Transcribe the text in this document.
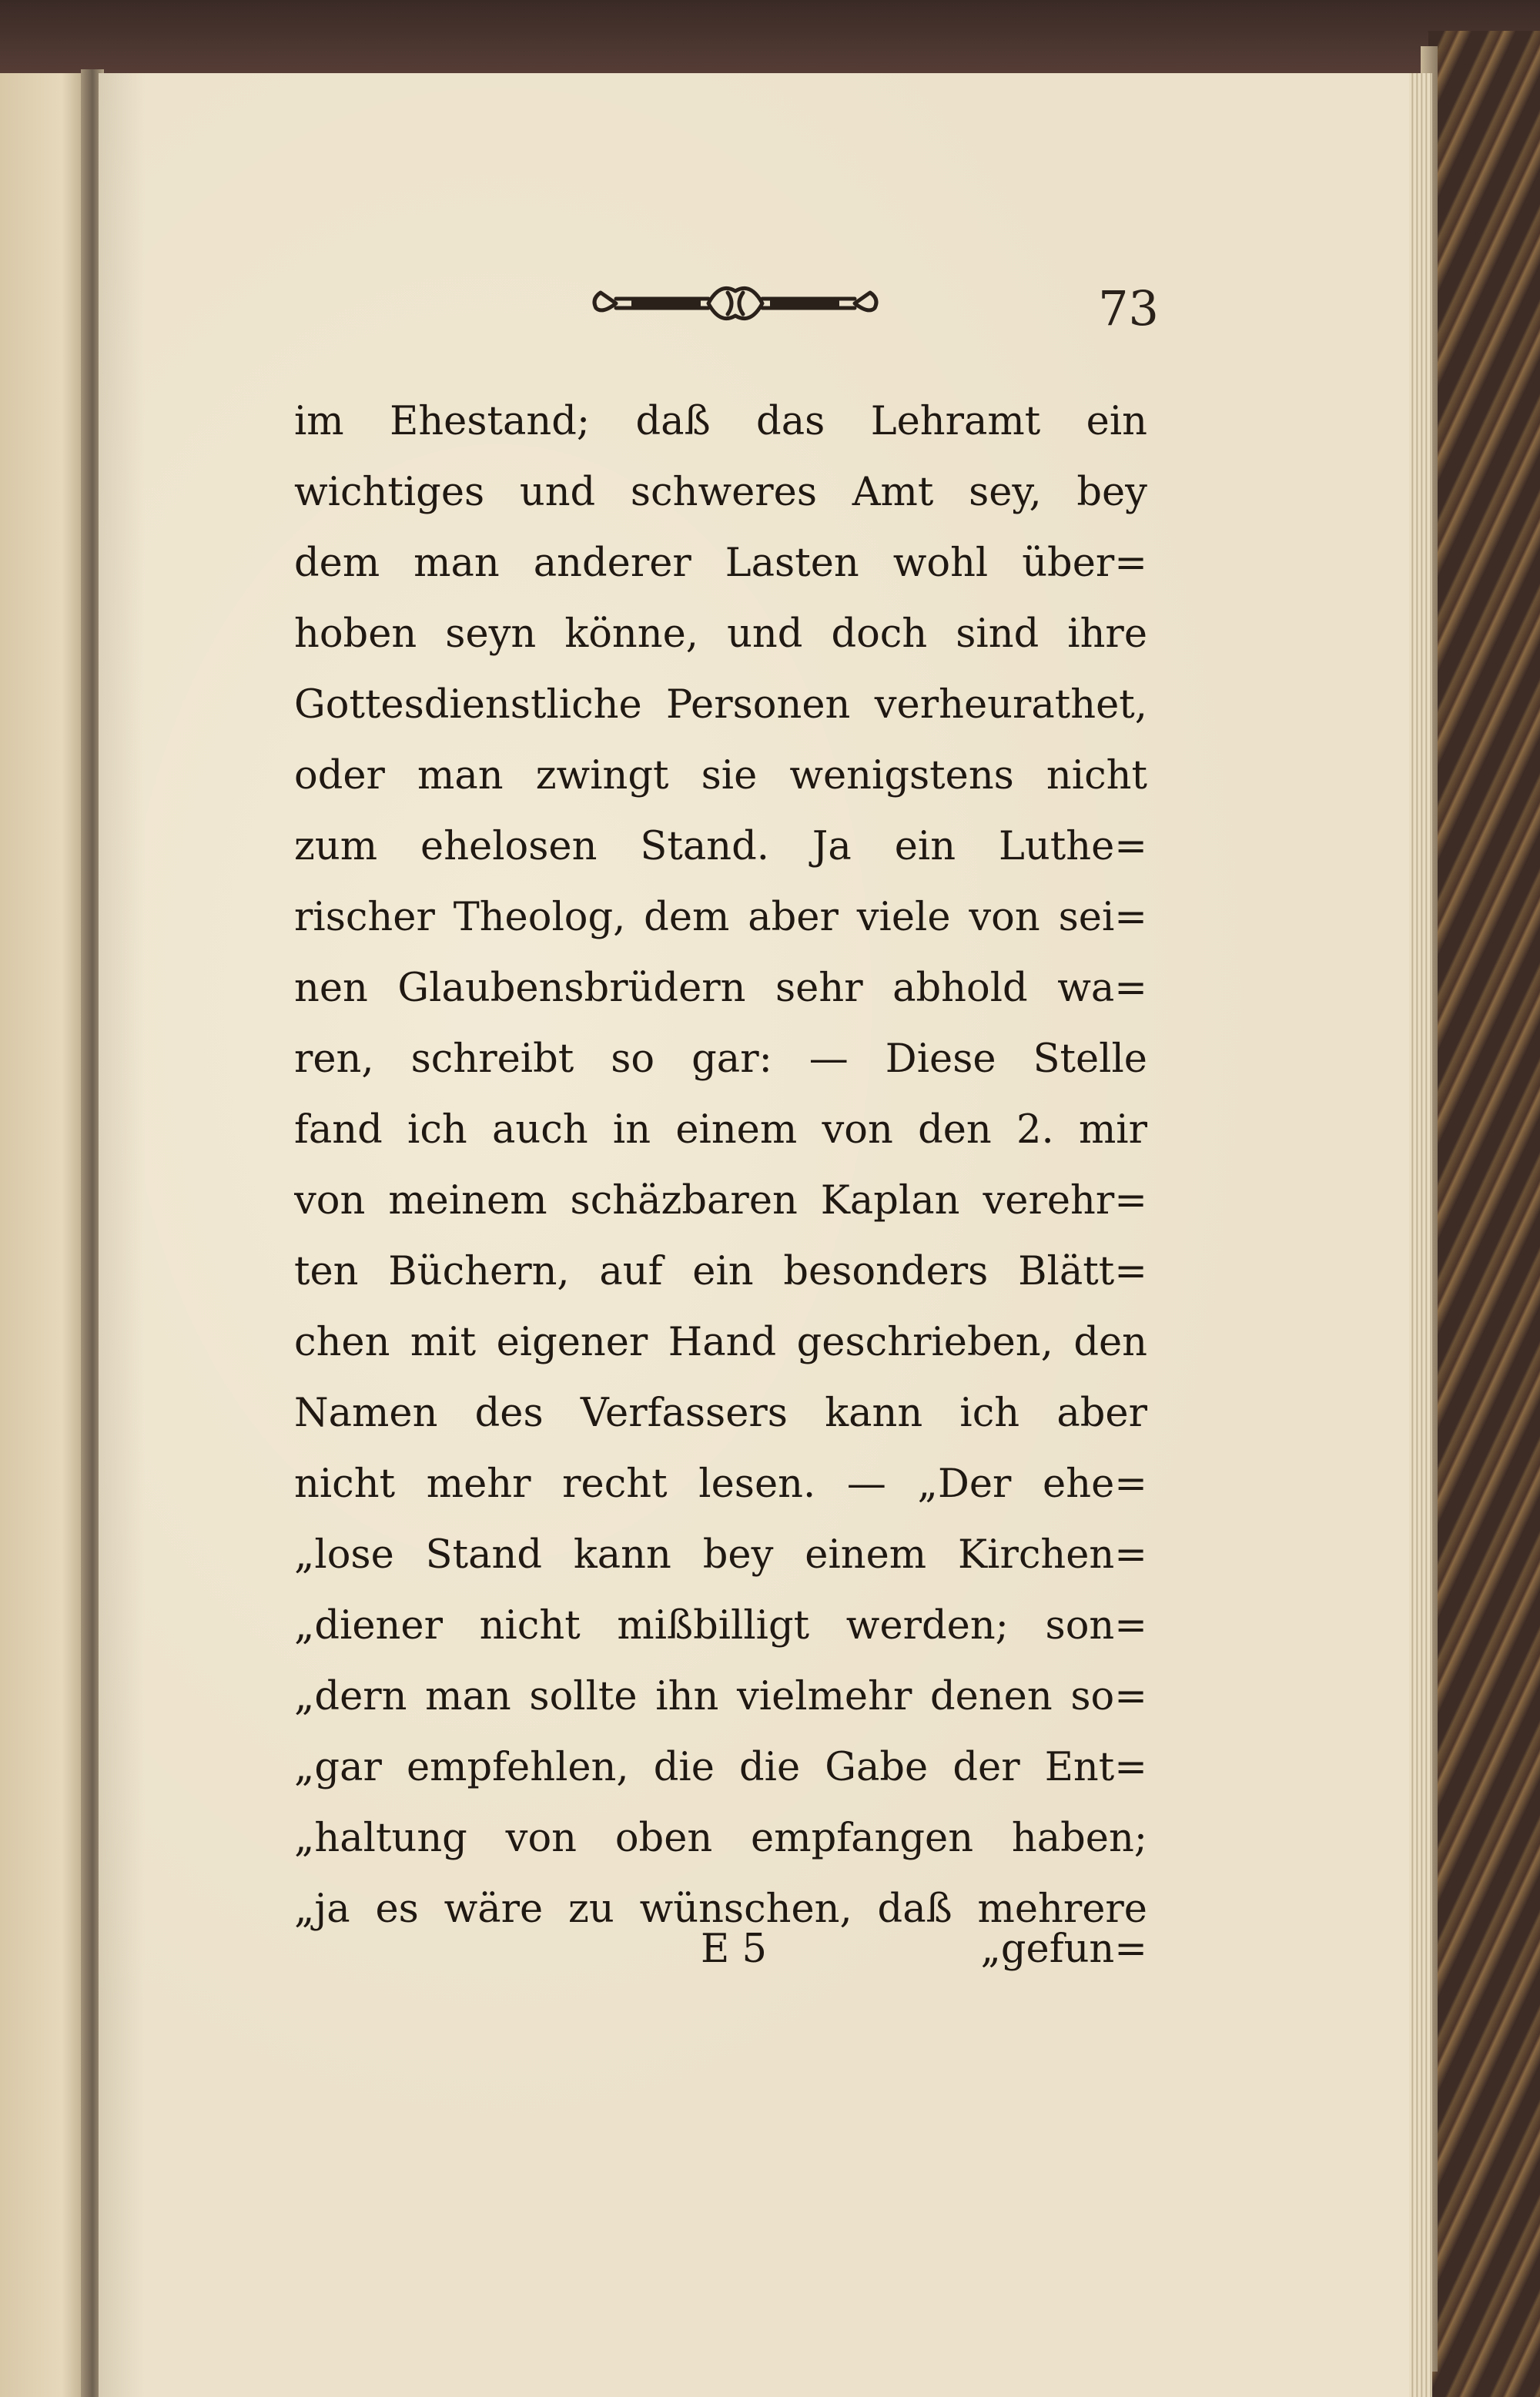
73
im Ehestand; daß das Lehramt ein
wichtiges und schweres Amt sey, bey
dem man anderer Lasten wohl über=
hoben seyn könne, und doch sind ihre
Gottesdienstliche Personen verheurathet,
oder man zwingt sie wenigstens nicht
zum ehelosen Stand. Ja ein Luthe=
rischer Theolog, dem aber viele von sei=
nen Glaubensbrüdern sehr abhold wa=
ren, schreibt so gar: — Diese Stelle
fand ich auch in einem von den 2. mir
von meinem schäzbaren Kaplan verehr=
ten Büchern, auf ein besonders Blätt=
chen mit eigener Hand geschrieben, den
Namen des Verfassers kann ich aber
nicht mehr recht lesen. — „Der ehe=
„lose Stand kann bey einem Kirchen=
„diener nicht mißbilligt werden; son=
„dern man sollte ihn vielmehr denen so=
„gar empfehlen, die die Gabe der Ent=
„haltung von oben empfangen haben;
„ja es wäre zu wünschen, daß mehrere
E 5	„gefun=
